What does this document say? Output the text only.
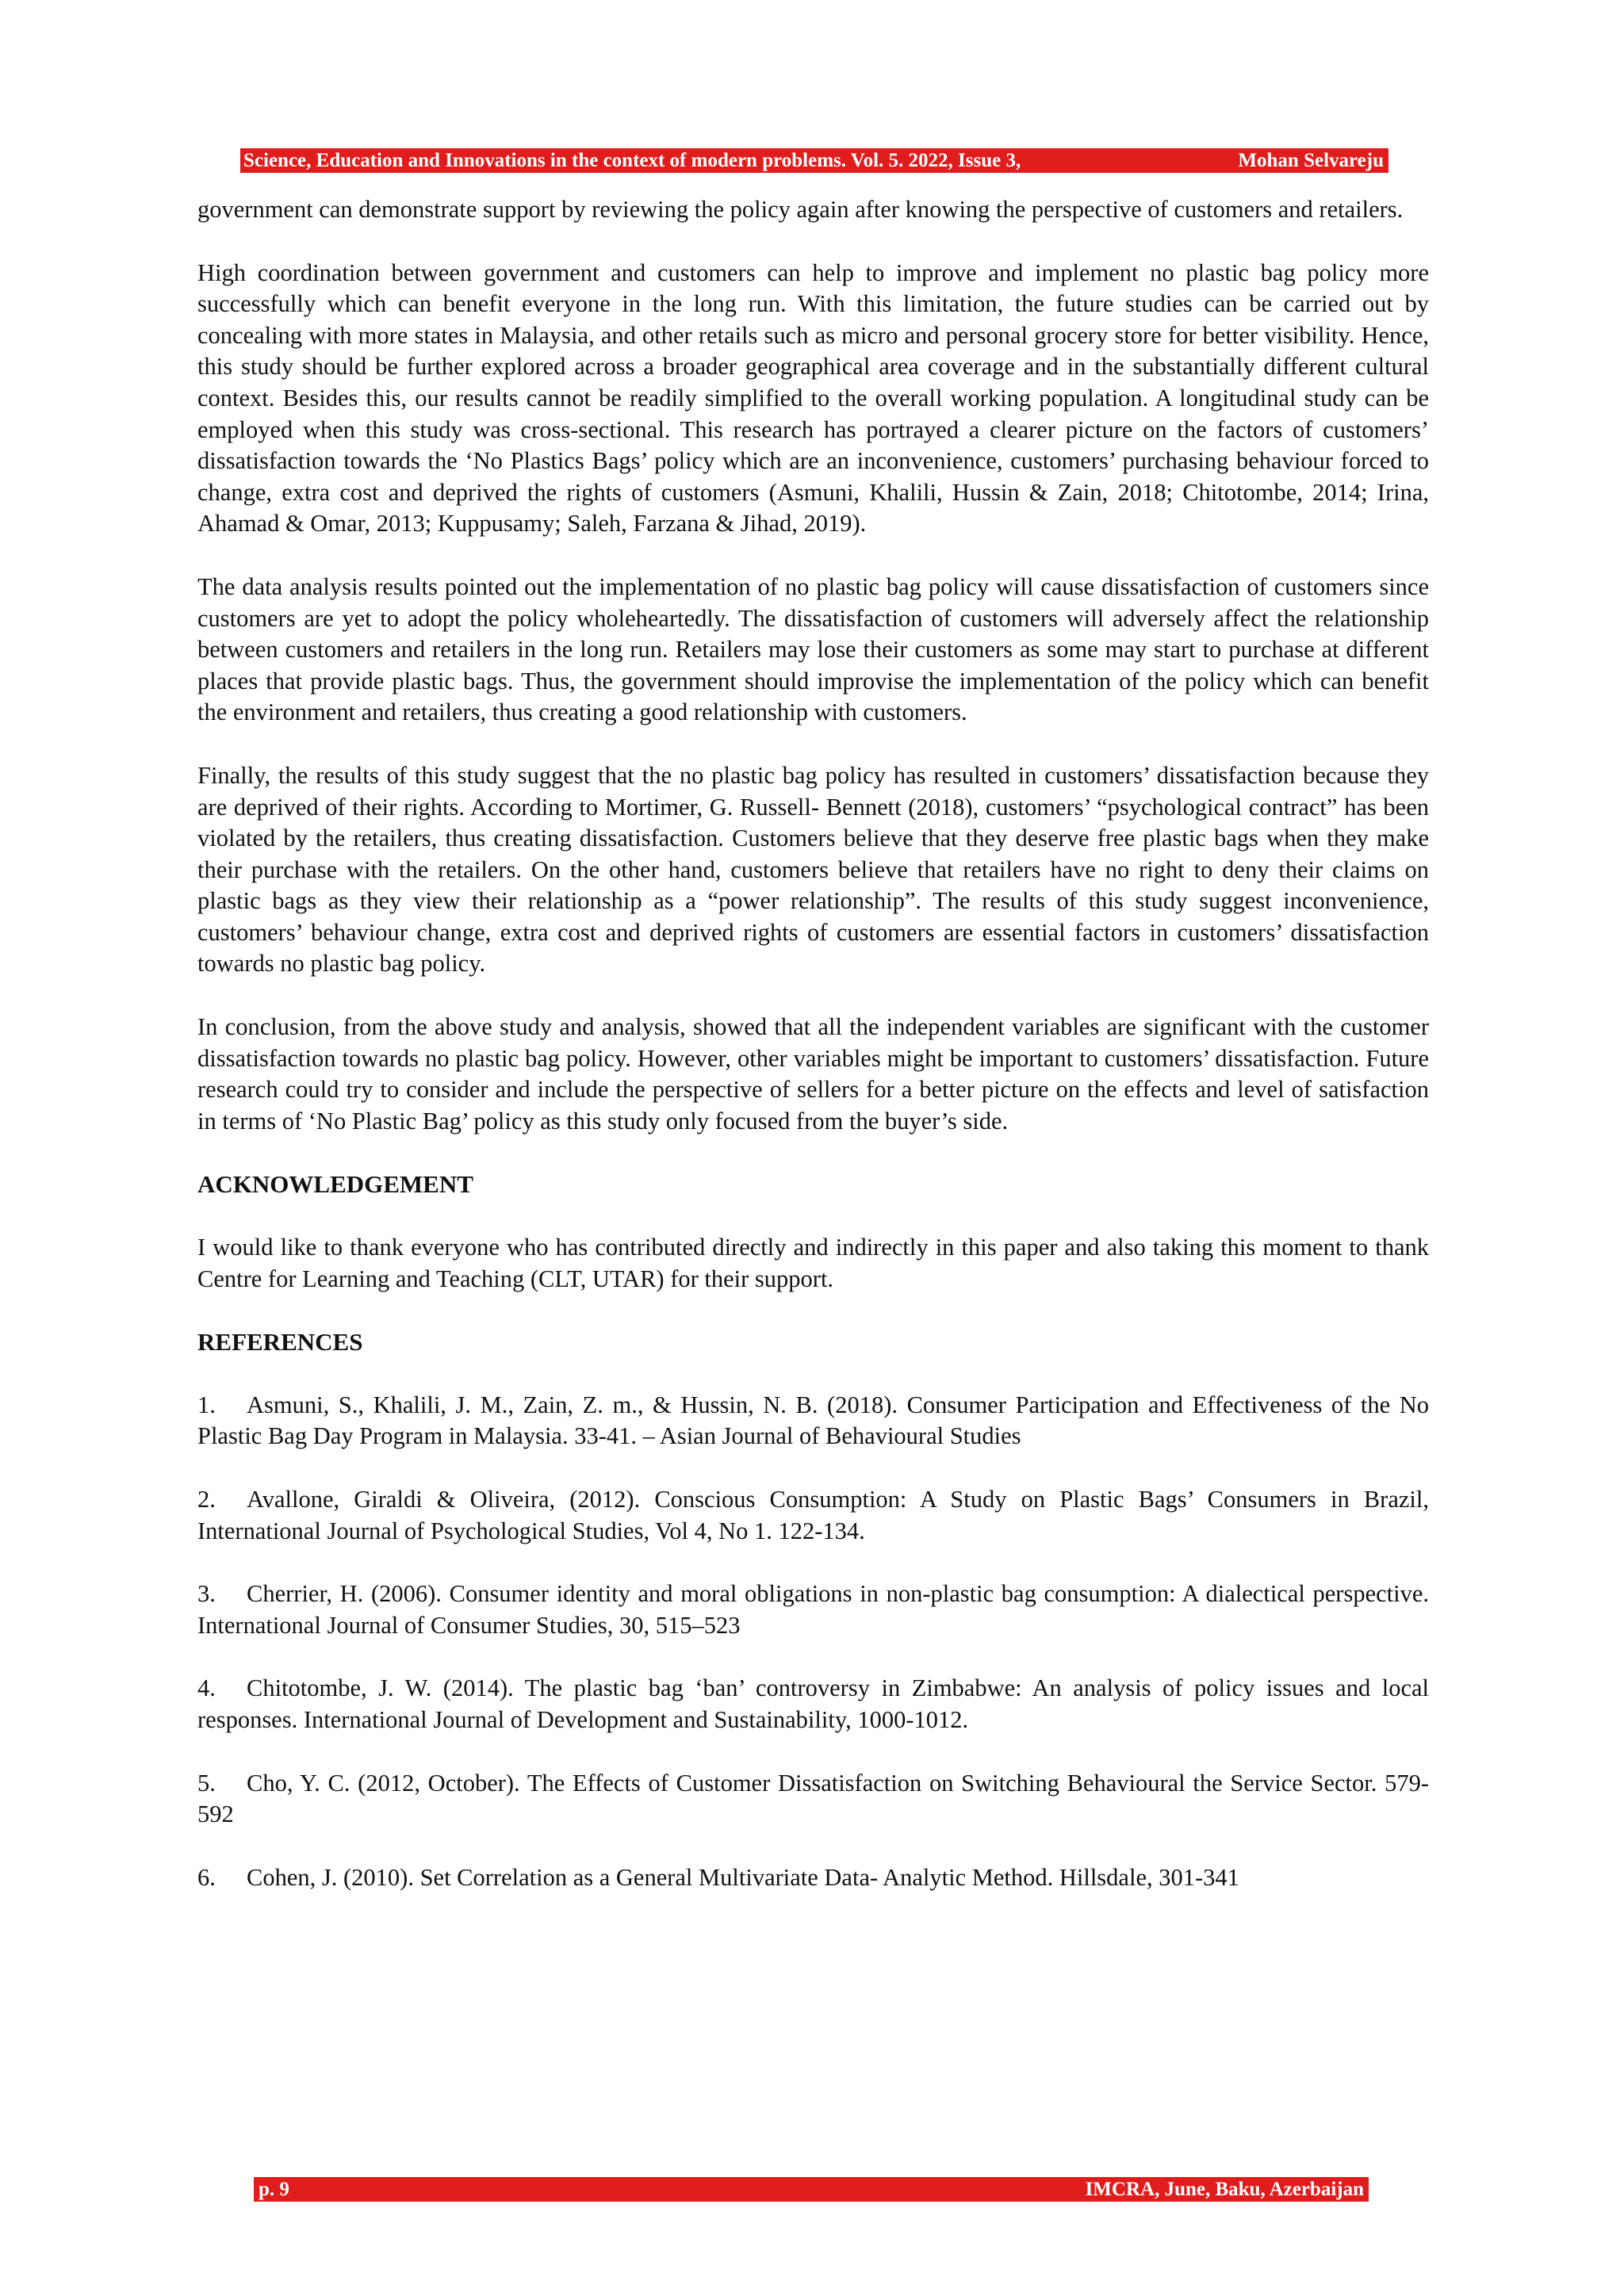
Science, Education and Innovations in the context of modern problems. Vol. 5. 2022, Issue 3,	Mohan Selvareju

government can demonstrate support by reviewing the policy again after knowing the perspective of customers and retailers.

High coordination between government and customers can help to improve and implement no plastic bag policy more successfully which can benefit everyone in the long run. With this limitation, the future studies can be carried out by concealing with more states in Malaysia, and other retails such as micro and personal grocery store for better visibility. Hence, this study should be further explored across a broader geographical area coverage and in the substantially different cultural context. Besides this, our results cannot be readily simplified to the overall working population. A longitudinal study can be employed when this study was cross-sectional. This research has portrayed a clearer picture on the factors of customers’ dissatisfaction towards the ‘No Plastics Bags’ policy which are an inconvenience, customers’ purchasing behaviour forced to change, extra cost and deprived the rights of customers (Asmuni, Khalili, Hussin & Zain, 2018; Chitotombe, 2014; Irina, Ahamad & Omar, 2013; Kuppusamy; Saleh, Farzana & Jihad, 2019).

The data analysis results pointed out the implementation of no plastic bag policy will cause dissatisfaction of customers since customers are yet to adopt the policy wholeheartedly. The dissatisfaction of customers will adversely affect the relationship between customers and retailers in the long run. Retailers may lose their customers as some may start to purchase at different places that provide plastic bags. Thus, the government should improvise the implementation of the policy which can benefit the environment and retailers, thus creating a good relationship with customers.

Finally, the results of this study suggest that the no plastic bag policy has resulted in customers’ dissatisfaction because they are deprived of their rights. According to Mortimer, G. Russell- Bennett (2018), customers’ “psychological contract” has been violated by the retailers, thus creating dissatisfaction. Customers believe that they deserve free plastic bags when they make their purchase with the retailers. On the other hand, customers believe that retailers have no right to deny their claims on plastic bags as they view their relationship as a “power relationship”. The results of this study suggest inconvenience, customers’ behaviour change, extra cost and deprived rights of customers are essential factors in customers’ dissatisfaction towards no plastic bag policy.

In conclusion, from the above study and analysis, showed that all the independent variables are significant with the customer dissatisfaction towards no plastic bag policy. However, other variables might be important to customers’ dissatisfaction. Future research could try to consider and include the perspective of sellers for a better picture on the effects and level of satisfaction in terms of ‘No Plastic Bag’ policy as this study only focused from the buyer’s side.

ACKNOWLEDGEMENT

I would like to thank everyone who has contributed directly and indirectly in this paper and also taking this moment to thank Centre for Learning and Teaching (CLT, UTAR) for their support.

REFERENCES
1. Asmuni, S., Khalili, J. M., Zain, Z. m., & Hussin, N. B. (2018). Consumer Participation and Effectiveness of the No Plastic Bag Day Program in Malaysia. 33-41. – Asian Journal of Behavioural Studies
2. Avallone, Giraldi & Oliveira, (2012). Conscious Consumption: A Study on Plastic Bags’ Consumers in Brazil, International Journal of Psychological Studies, Vol 4, No 1. 122-134.
3. Cherrier, H. (2006). Consumer identity and moral obligations in non-plastic bag consumption: A dialectical perspective. International Journal of Consumer Studies, 30, 515–523
4. Chitotombe, J. W. (2014). The plastic bag ‘ban’ controversy in Zimbabwe: An analysis of policy issues and local responses. International Journal of Development and Sustainability, 1000-1012.
5. Cho, Y. C. (2012, October). The Effects of Customer Dissatisfaction on Switching Behavioural the Service Sector. 579-592
6. Cohen, J. (2010). Set Correlation as a General Multivariate Data- Analytic Method. Hillsdale, 301-341
p. 9	IMCRA, June, Baku, Azerbaijan
